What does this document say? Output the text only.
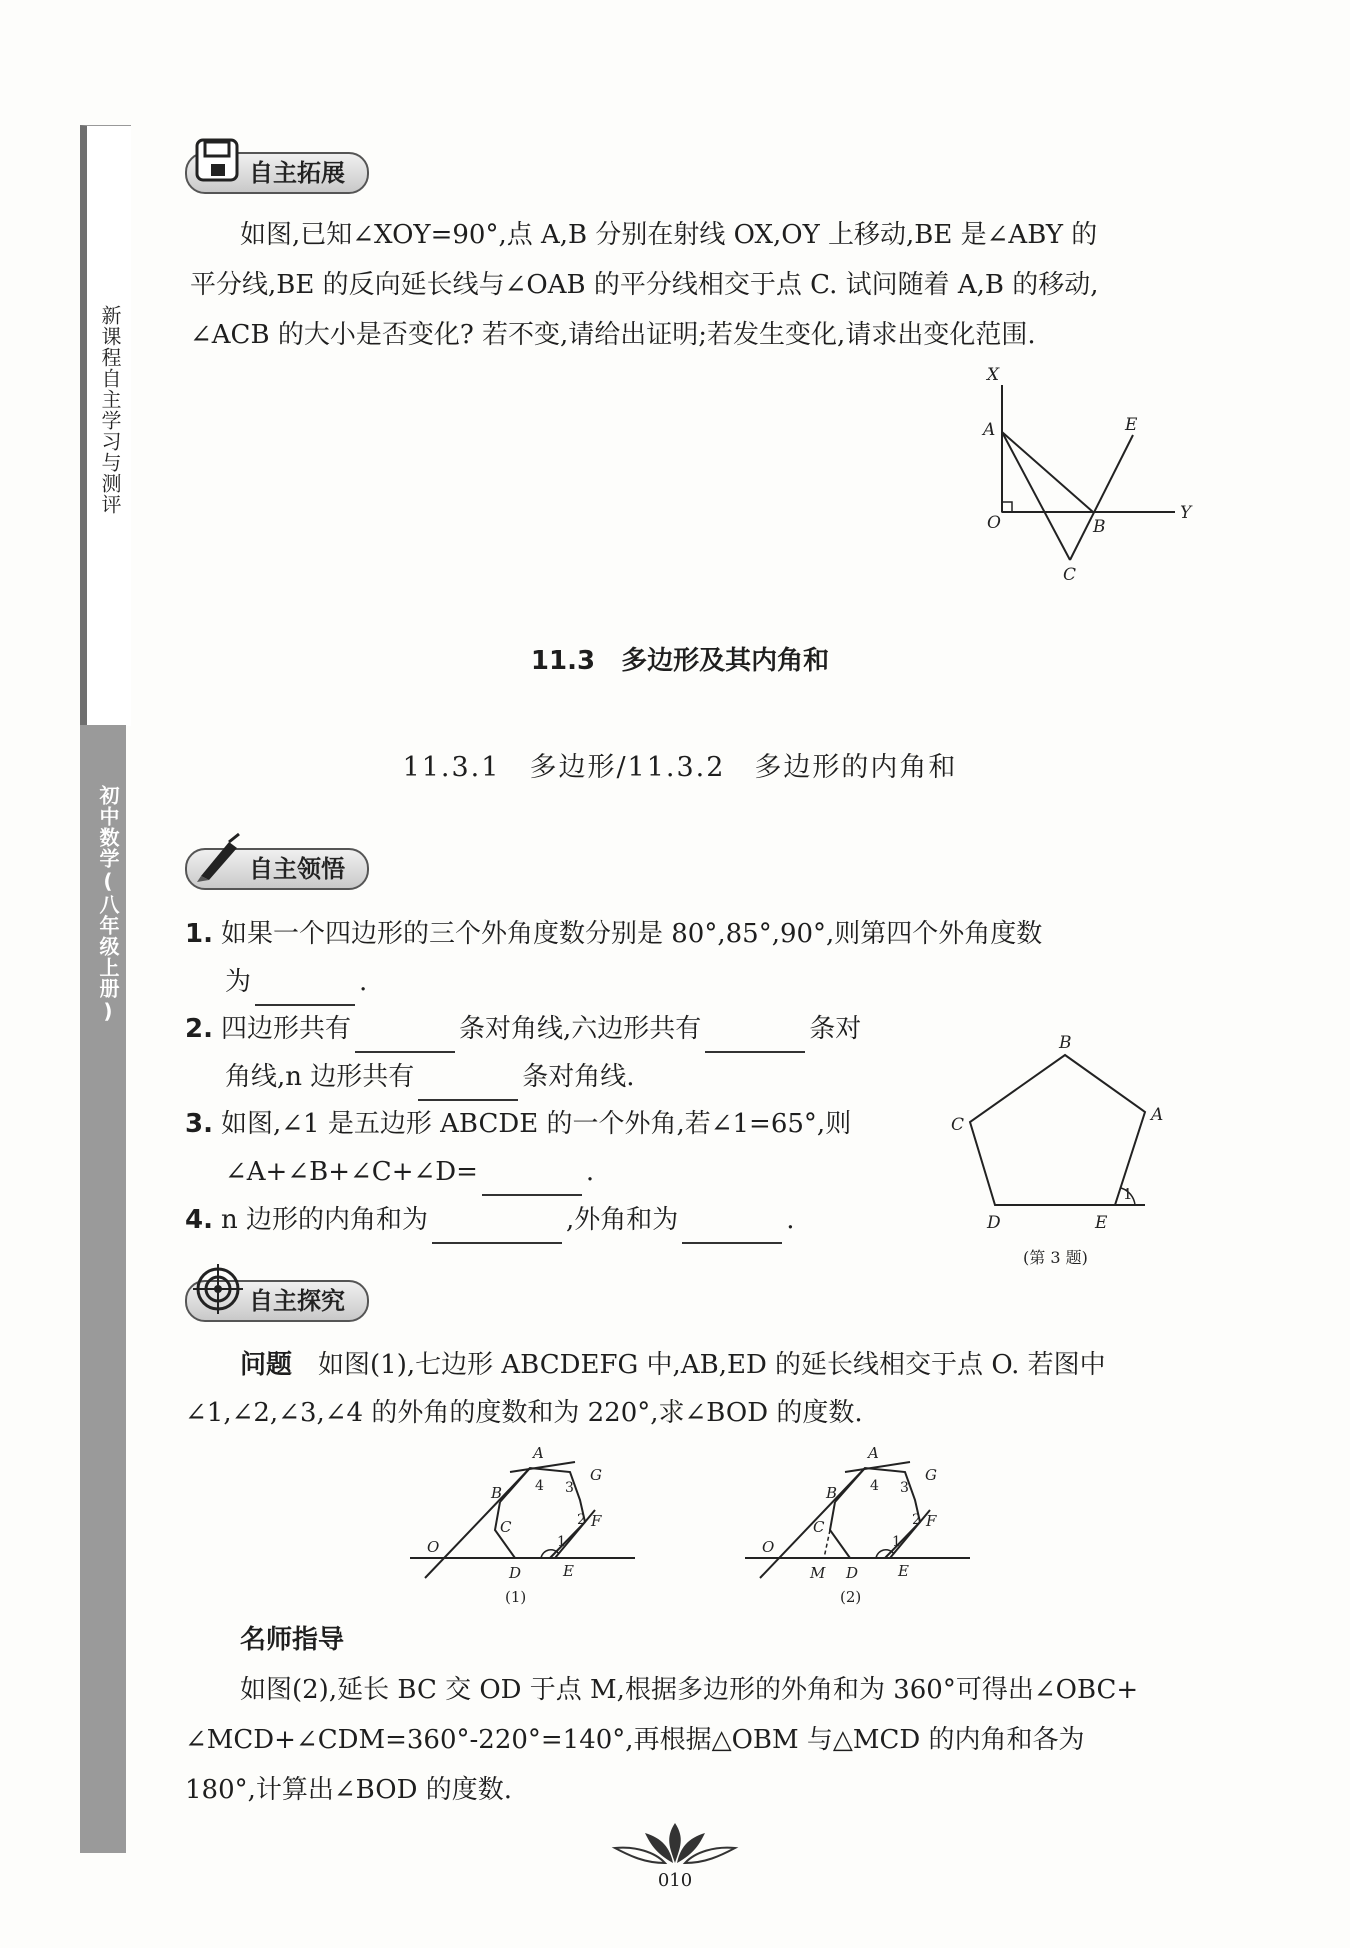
新课程自主学习与测评
初中数学(八年级上册)
自主拓展

如图,已知∠XOY=90°,点 A,B 分别在射线 OX,OY 上移动,BE 是∠ABY 的

平分线,BE 的反向延长线与∠OAB 的平分线相交于点 C. 试问随着 A,B 的移动,

∠ACB 的大小是否变化? 若不变,请给出证明;若发生变化,请求出变化范围.

X
A	E
O	B
Y
C
11.3　多边形及其内角和
11.3.1　多边形/11.3.2　多边形的内角和
自主领悟
1. 如果一个四边形的三个外角度数分别是 80°,85°,90°,则第四个外角度数
为	.
2. 四边形共有	条对角线,六边形共有	条对
角线,n 边形共有	条对角线.
3. 如图,∠1 是五边形 ABCDE 的一个外角,若∠1=65°,则
∠A+∠B+∠C+∠D=	.
4. n 边形的内角和为	,外角和为	.
B
A
C
D	E
1
(第 3 题)
自主探究

问题　 如图(1),七边形 ABCDEFG 中,AB,ED 的延长线相交于点 O. 若图中

∠1,∠2,∠3,∠4 的外角的度数和为 220°,求∠BOD 的度数.

A
G
B 4 3
C	2 F
1
O
D	E
(1)
A
G
B 4 3
C	2 F
1
O
D	E
M
(2)
名师指导

如图(2),延长 BC 交 OD 于点 M,根据多边形的外角和为 360°可得出∠OBC+

∠MCD+∠CDM=360°-220°=140°,再根据△OBM 与△MCD 的内角和各为

180°,计算出∠BOD 的度数.

010
